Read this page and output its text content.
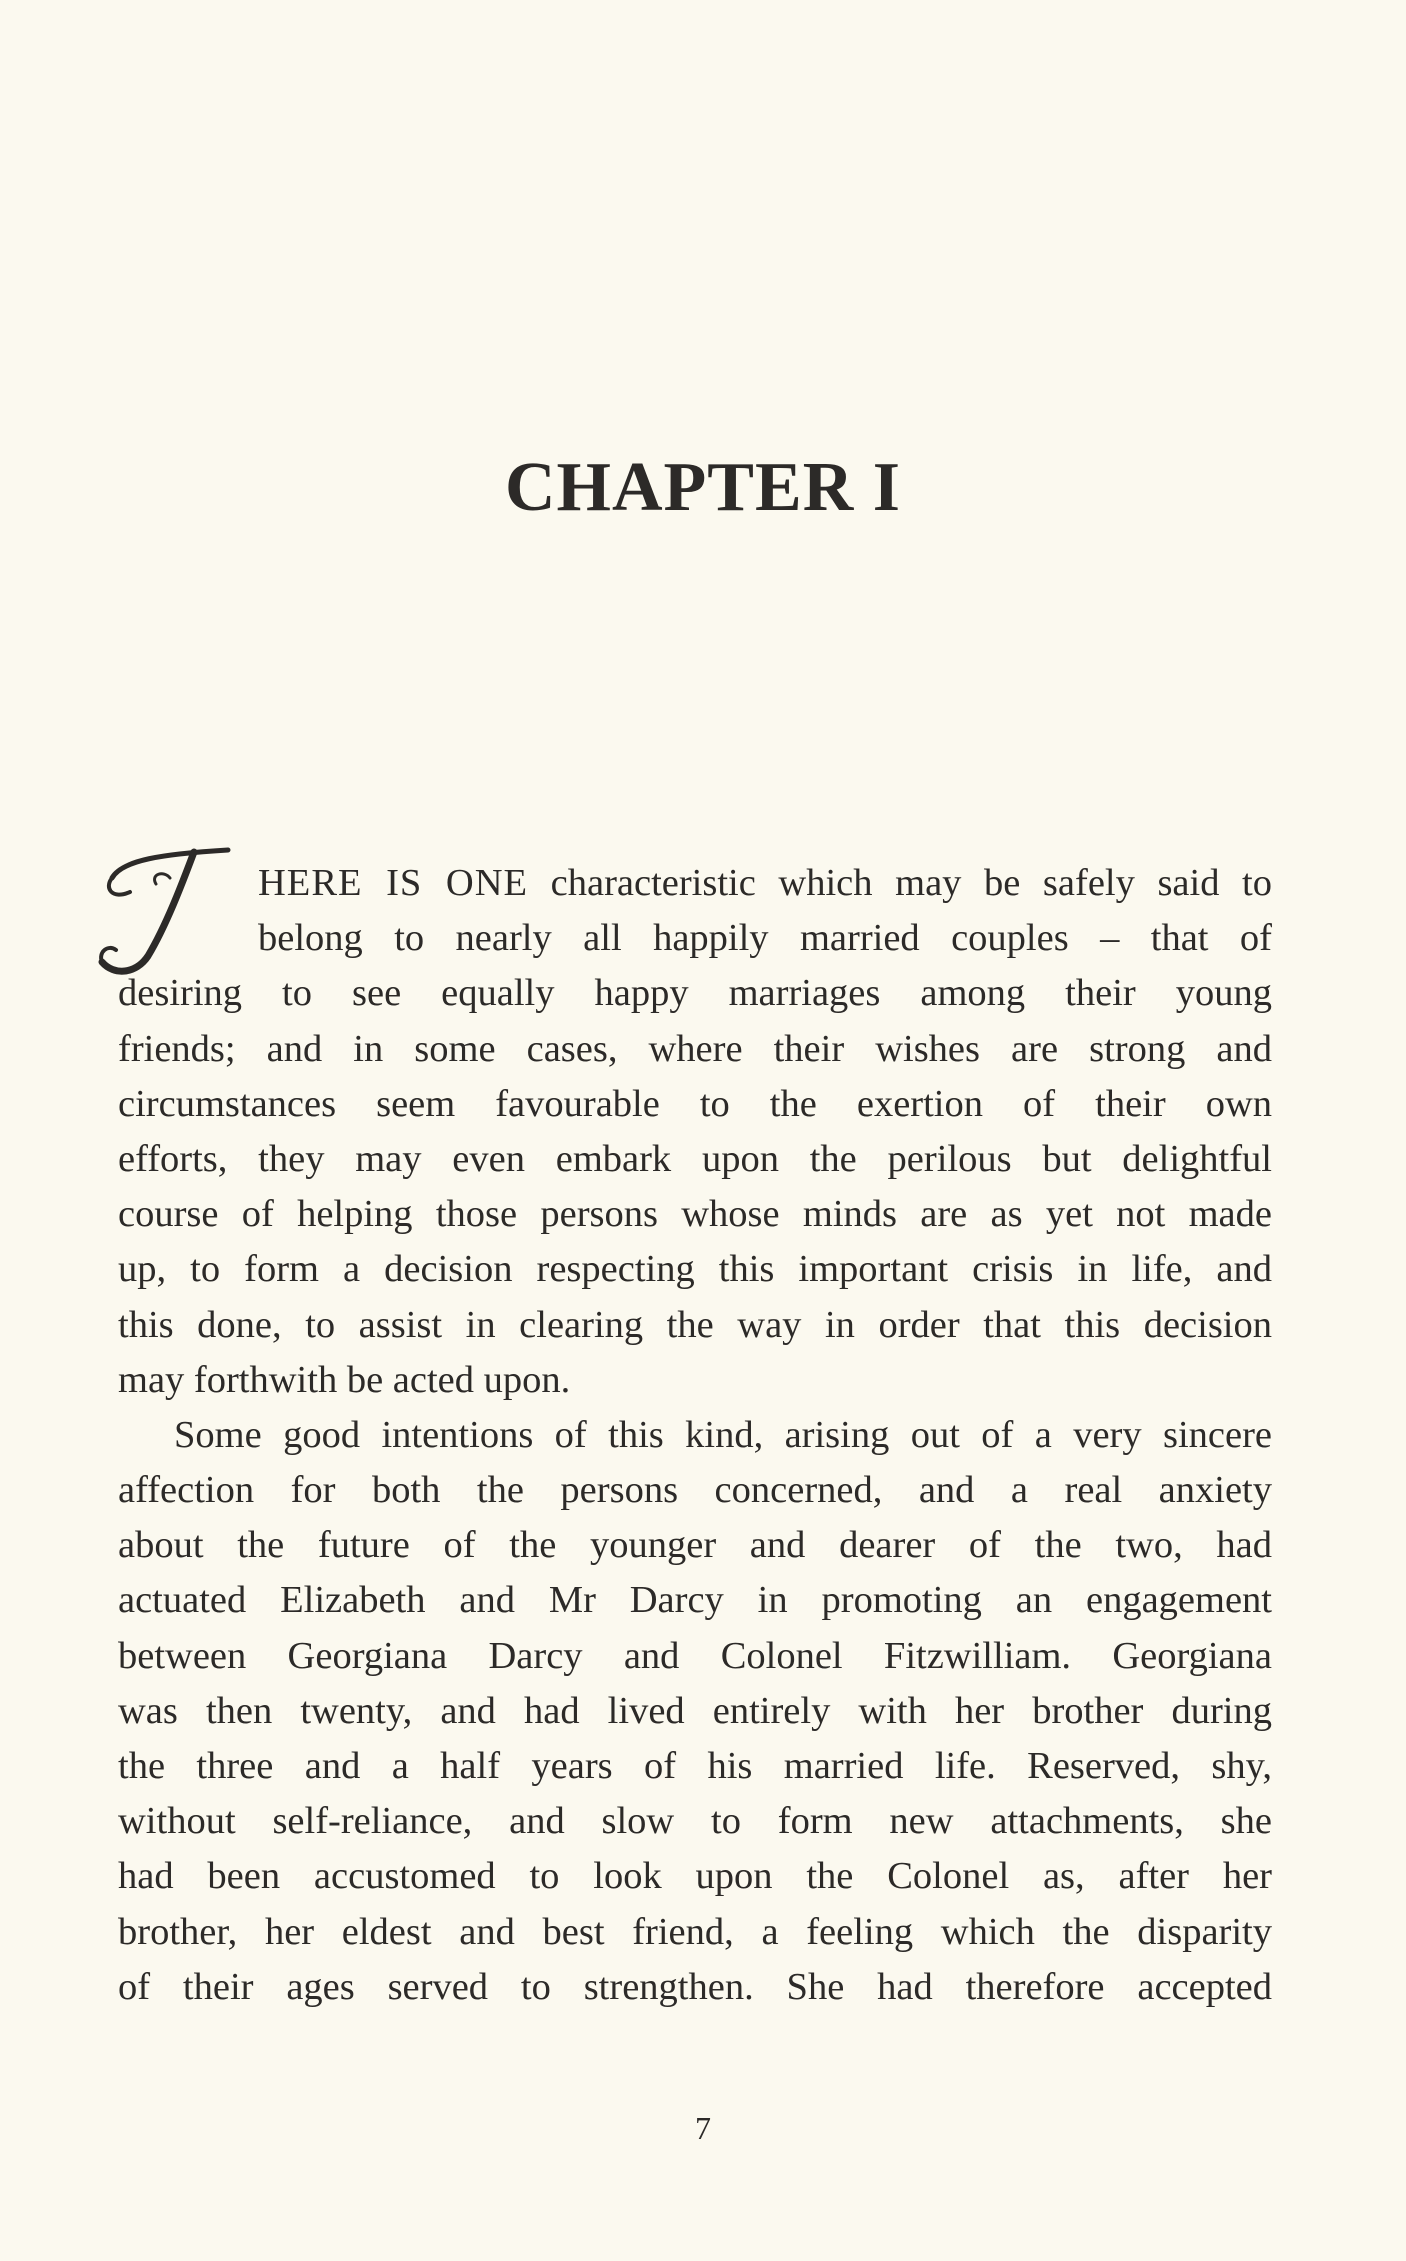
CHAPTER I
HERE IS ONE characteristic which may be safely said to
belong to nearly all happily married couples – that of
desiring to see equally happy marriages among their young
friends; and in some cases, where their wishes are strong and
circumstances seem favourable to the exertion of their own
efforts, they may even embark upon the perilous but delightful
course of helping those persons whose minds are as yet not made
up, to form a decision respecting this important crisis in life, and
this done, to assist in clearing the way in order that this decision
may forthwith be acted upon.
Some good intentions of this kind, arising out of a very sincere
affection for both the persons concerned, and a real anxiety
about the future of the younger and dearer of the two, had
actuated Elizabeth and Mr Darcy in promoting an engagement
between Georgiana Darcy and Colonel Fitzwilliam. Georgiana
was then twenty, and had lived entirely with her brother during
the three and a half years of his married life. Reserved, shy,
without self-reliance, and slow to form new attachments, she
had been accustomed to look upon the Colonel as, after her
brother, her eldest and best friend, a feeling which the disparity
of their ages served to strengthen. She had therefore accepted
7
